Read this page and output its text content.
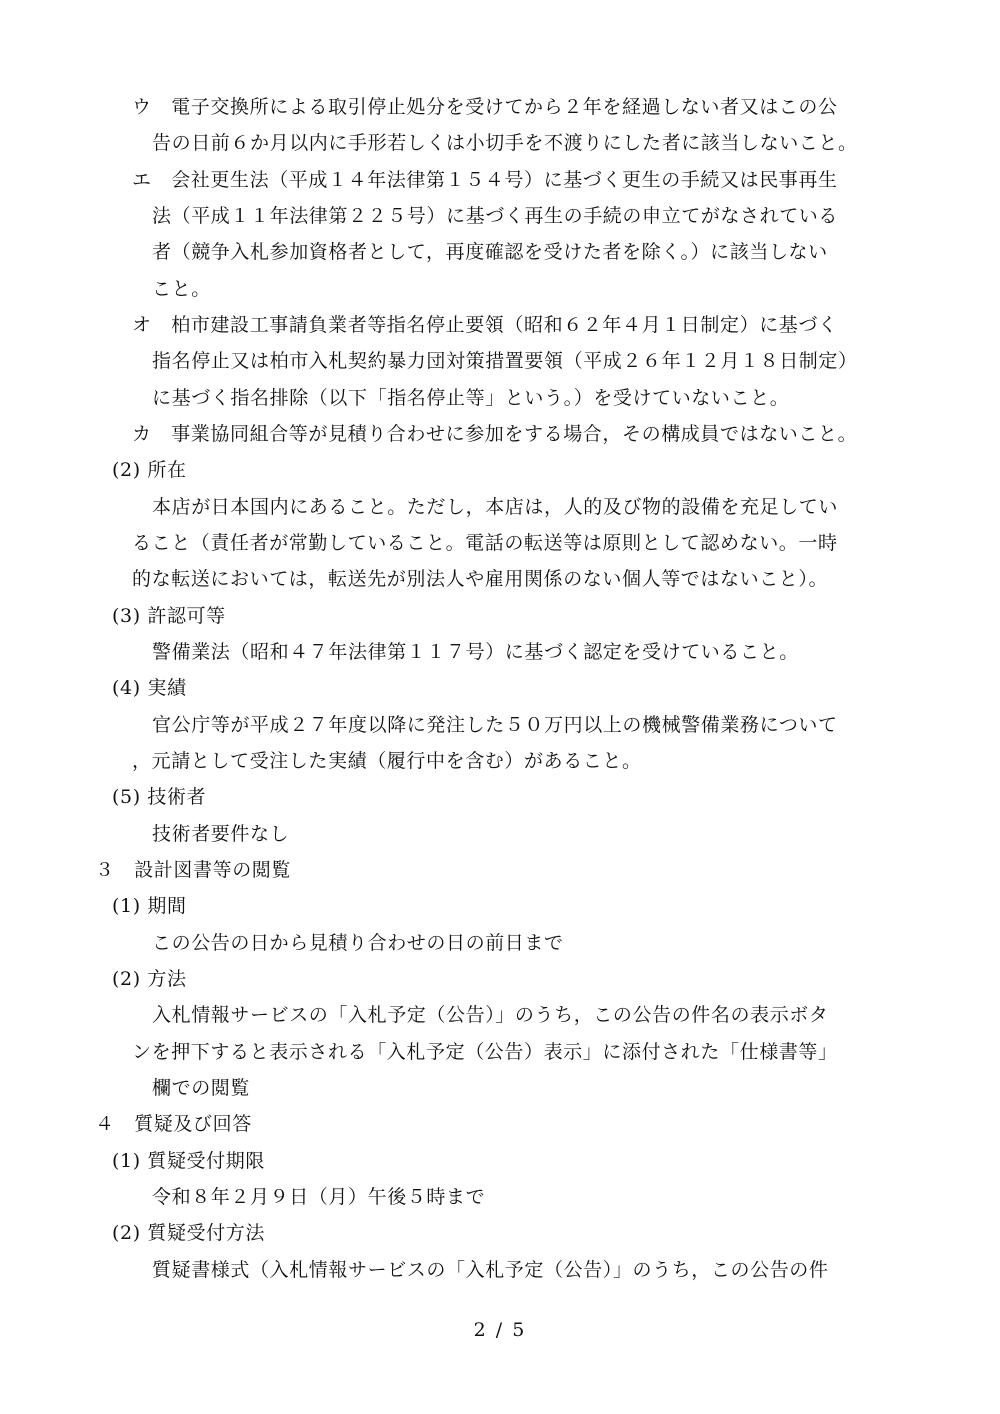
ウ　電子交換所による取引停止処分を受けてから２年を経過しない者又はこの公
告の日前６か月以内に手形若しくは小切手を不渡りにした者に該当しないこと。
エ　会社更生法（平成１４年法律第１５４号）に基づく更生の手続又は民事再生
法（平成１１年法律第２２５号）に基づく再生の手続の申立てがなされている
者（競争入札参加資格者として，再度確認を受けた者を除く。）に該当しない
こと。
オ　柏市建設工事請負業者等指名停止要領（昭和６２年４月１日制定）に基づく
指名停止又は柏市入札契約暴力団対策措置要領（平成２６年１２月１８日制定）
に基づく指名排除（以下「指名停止等」という。）を受けていないこと。
カ　事業協同組合等が見積り合わせに参加をする場合，その構成員ではないこと。
(2) 所在
本店が日本国内にあること。ただし，本店は，人的及び物的設備を充足してい
ること（責任者が常勤していること。電話の転送等は原則として認めない。一時
的な転送においては，転送先が別法人や雇用関係のない個人等ではないこと）。
(3) 許認可等
警備業法（昭和４７年法律第１１７号）に基づく認定を受けていること。
(4) 実績
官公庁等が平成２７年度以降に発注した５０万円以上の機械警備業務について
，元請として受注した実績（履行中を含む）があること。
(5) 技術者
技術者要件なし
３　設計図書等の閲覧
(1) 期間
この公告の日から見積り合わせの日の前日まで
(2) 方法
入札情報サービスの「入札予定（公告）」のうち，この公告の件名の表示ボタ
ンを押下すると表示される「入札予定（公告）表示」に添付された「仕様書等」
欄での閲覧
４　質疑及び回答
(1) 質疑受付期限
令和８年２月９日（月）午後５時まで
(2) 質疑受付方法
質疑書様式（入札情報サービスの「入札予定（公告）」のうち，この公告の件
2 / 5
